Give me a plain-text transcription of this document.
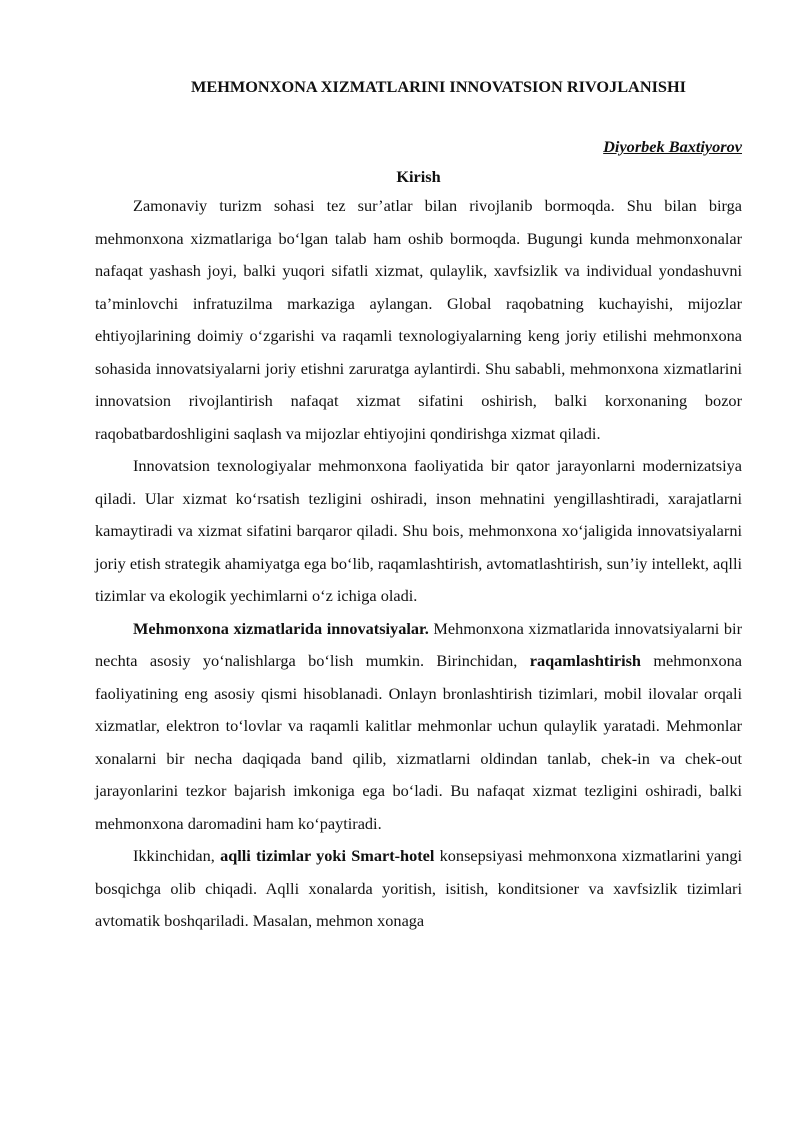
MEHMONXONA XIZMATLARINI INNOVATSION RIVOJLANISHI
Diyorbek Baxtiyorov
Kirish

Zamonaviy turizm sohasi tez sur’atlar bilan rivojlanib bormoqda. Shu bilan birga mehmonxona xizmatlariga bo‘lgan talab ham oshib bormoqda. Bugungi kunda mehmonxonalar nafaqat yashash joyi, balki yuqori sifatli xizmat, qulaylik, xavfsizlik va individual yondashuvni ta’minlovchi infratuzilma markaziga aylangan. Global raqobatning kuchayishi, mijozlar ehtiyojlarining doimiy o‘zgarishi va raqamli texnologiyalarning keng joriy etilishi mehmonxona sohasida innovatsiyalarni joriy etishni zaruratga aylantirdi. Shu sababli, mehmonxona xizmatlarini innovatsion rivojlantirish nafaqat xizmat sifatini oshirish, balki korxonaning bozor raqobatbardoshligini saqlash va mijozlar ehtiyojini qondirishga xizmat qiladi.

Innovatsion texnologiyalar mehmonxona faoliyatida bir qator jarayonlarni modernizatsiya qiladi. Ular xizmat ko‘rsatish tezligini oshiradi, inson mehnatini yengillashtiradi, xarajatlarni kamaytiradi va xizmat sifatini barqaror qiladi. Shu bois, mehmonxona xo‘jaligida innovatsiyalarni joriy etish strategik ahamiyatga ega bo‘lib, raqamlashtirish, avtomatlashtirish, sun’iy intellekt, aqlli tizimlar va ekologik yechimlarni o‘z ichiga oladi.

Mehmonxona xizmatlarida innovatsiyalar. Mehmonxona xizmatlarida innovatsiyalarni bir nechta asosiy yo‘nalishlarga bo‘lish mumkin. Birinchidan, raqamlashtirish mehmonxona faoliyatining eng asosiy qismi hisoblanadi. Onlayn bronlashtirish tizimlari, mobil ilovalar orqali xizmatlar, elektron to‘lovlar va raqamli kalitlar mehmonlar uchun qulaylik yaratadi. Mehmonlar xonalarni bir necha daqiqada band qilib, xizmatlarni oldindan tanlab, chek-in va chek-out jarayonlarini tezkor bajarish imkoniga ega bo‘ladi. Bu nafaqat xizmat tezligini oshiradi, balki mehmonxona daromadini ham ko‘paytiradi.

Ikkinchidan, aqlli tizimlar yoki Smart-hotel konsepsiyasi mehmonxona xizmatlarini yangi bosqichga olib chiqadi. Aqlli xonalarda yoritish, isitish, konditsioner va xavfsizlik tizimlari avtomatik boshqariladi. Masalan, mehmon xonaga
